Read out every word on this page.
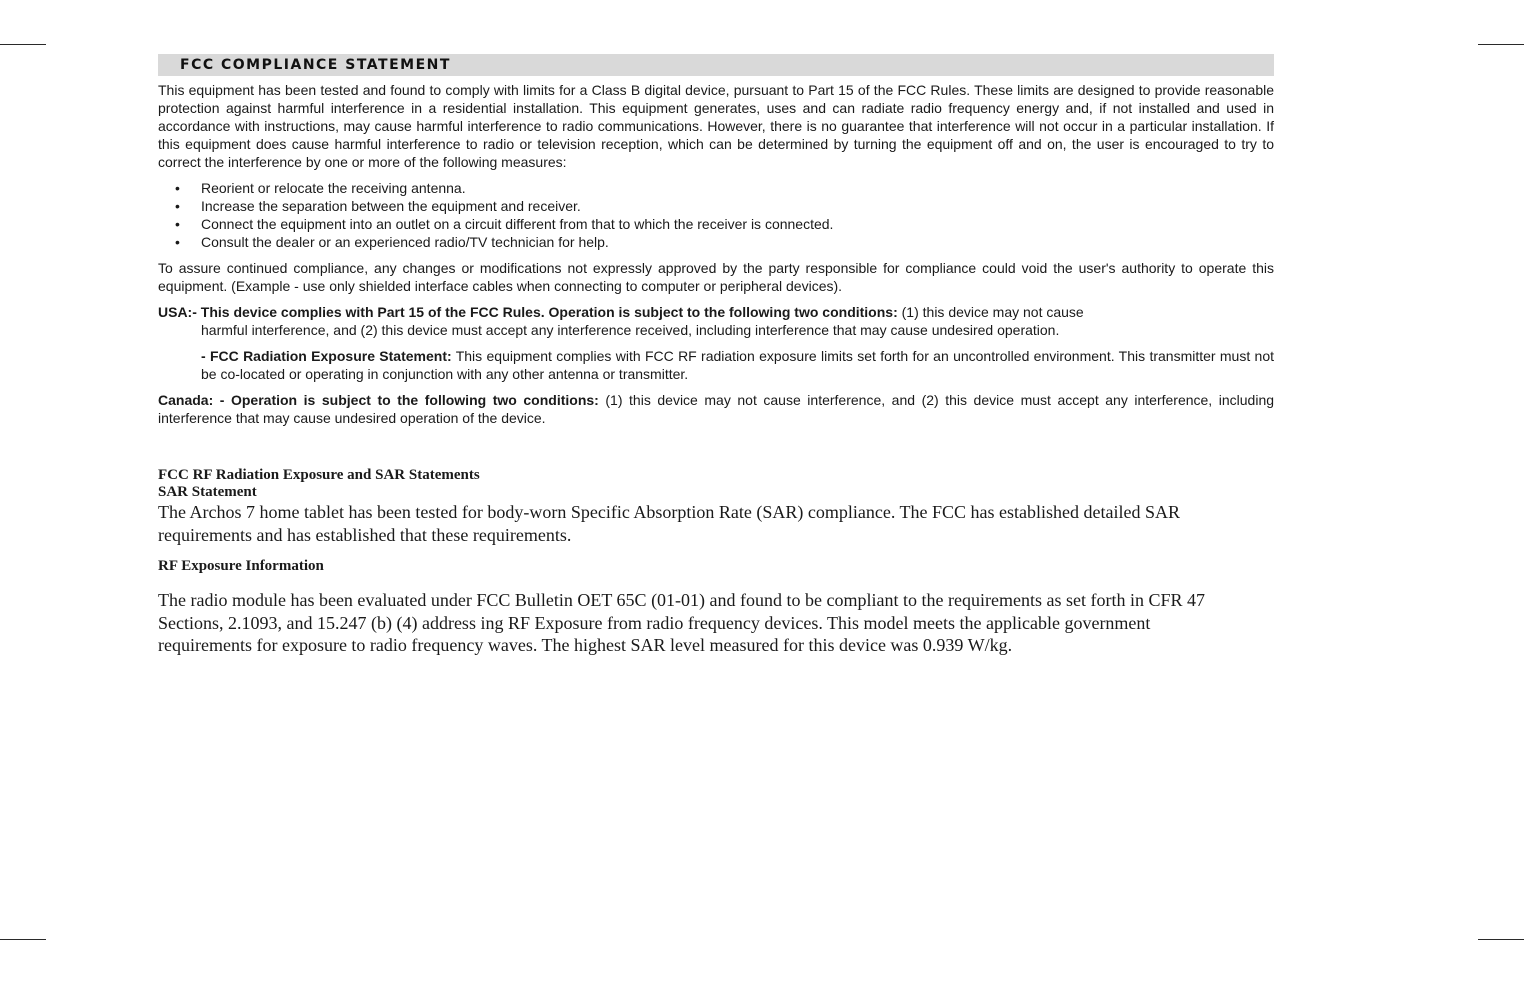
FCC COMPLIANCE STATEMENT

This equipment has been tested and found to comply with limits for a Class B digital device, pursuant to Part 15 of the FCC Rules. These limits are designed to provide reasonable protection against harmful interference in a residential installation. This equipment generates, uses and can radiate radio frequency energy and, if not installed and used in accordance with instructions, may cause harmful interference to radio communications. However, there is no guarantee that interference will not occur in a particular installation. If this equipment does cause harmful interference to radio or television reception, which can be determined by turning the equipment off and on, the user is encouraged to try to correct the interference by one or more of the following measures:

• Reorient or relocate the receiving antenna.
• Increase the separation between the equipment and receiver.
• Connect the equipment into an outlet on a circuit different from that to which the receiver is connected.
• Consult the dealer or an experienced radio/TV technician for help.

To assure continued compliance, any changes or modifications not expressly approved by the party responsible for compliance could void the user's authority to operate this equipment. (Example - use only shielded interface cables when connecting to computer or peripheral devices).

USA:- This device complies with Part 15 of the FCC Rules. Operation is subject to the following two conditions: (1) this device may not cause

harmful interference, and (2) this device must accept any interference received, including interference that may cause undesired operation.

- FCC Radiation Exposure Statement: This equipment complies with FCC RF radiation exposure limits set forth for an uncontrolled environment. This transmitter must not be co-located or operating in conjunction with any other antenna or transmitter.

Canada: - Operation is subject to the following two conditions: (1) this device may not cause interference, and (2) this device must accept any interference, including interference that may cause undesired operation of the device.

FCC RF Radiation Exposure and SAR Statements

SAR Statement

The Archos 7 home tablet has been tested for body-worn Specific Absorption Rate (SAR) compliance. The FCC has established detailed SAR requirements and has established that these requirements.

RF Exposure Information

The radio module has been evaluated under FCC Bulletin OET 65C (01-01) and found to be compliant to the requirements as set forth in CFR 47 Sections, 2.1093, and 15.247 (b) (4) address ing RF Exposure from radio frequency devices. This model meets the applicable government requirements for exposure to radio frequency waves. The highest SAR level measured for this device was 0.939 W/kg.
